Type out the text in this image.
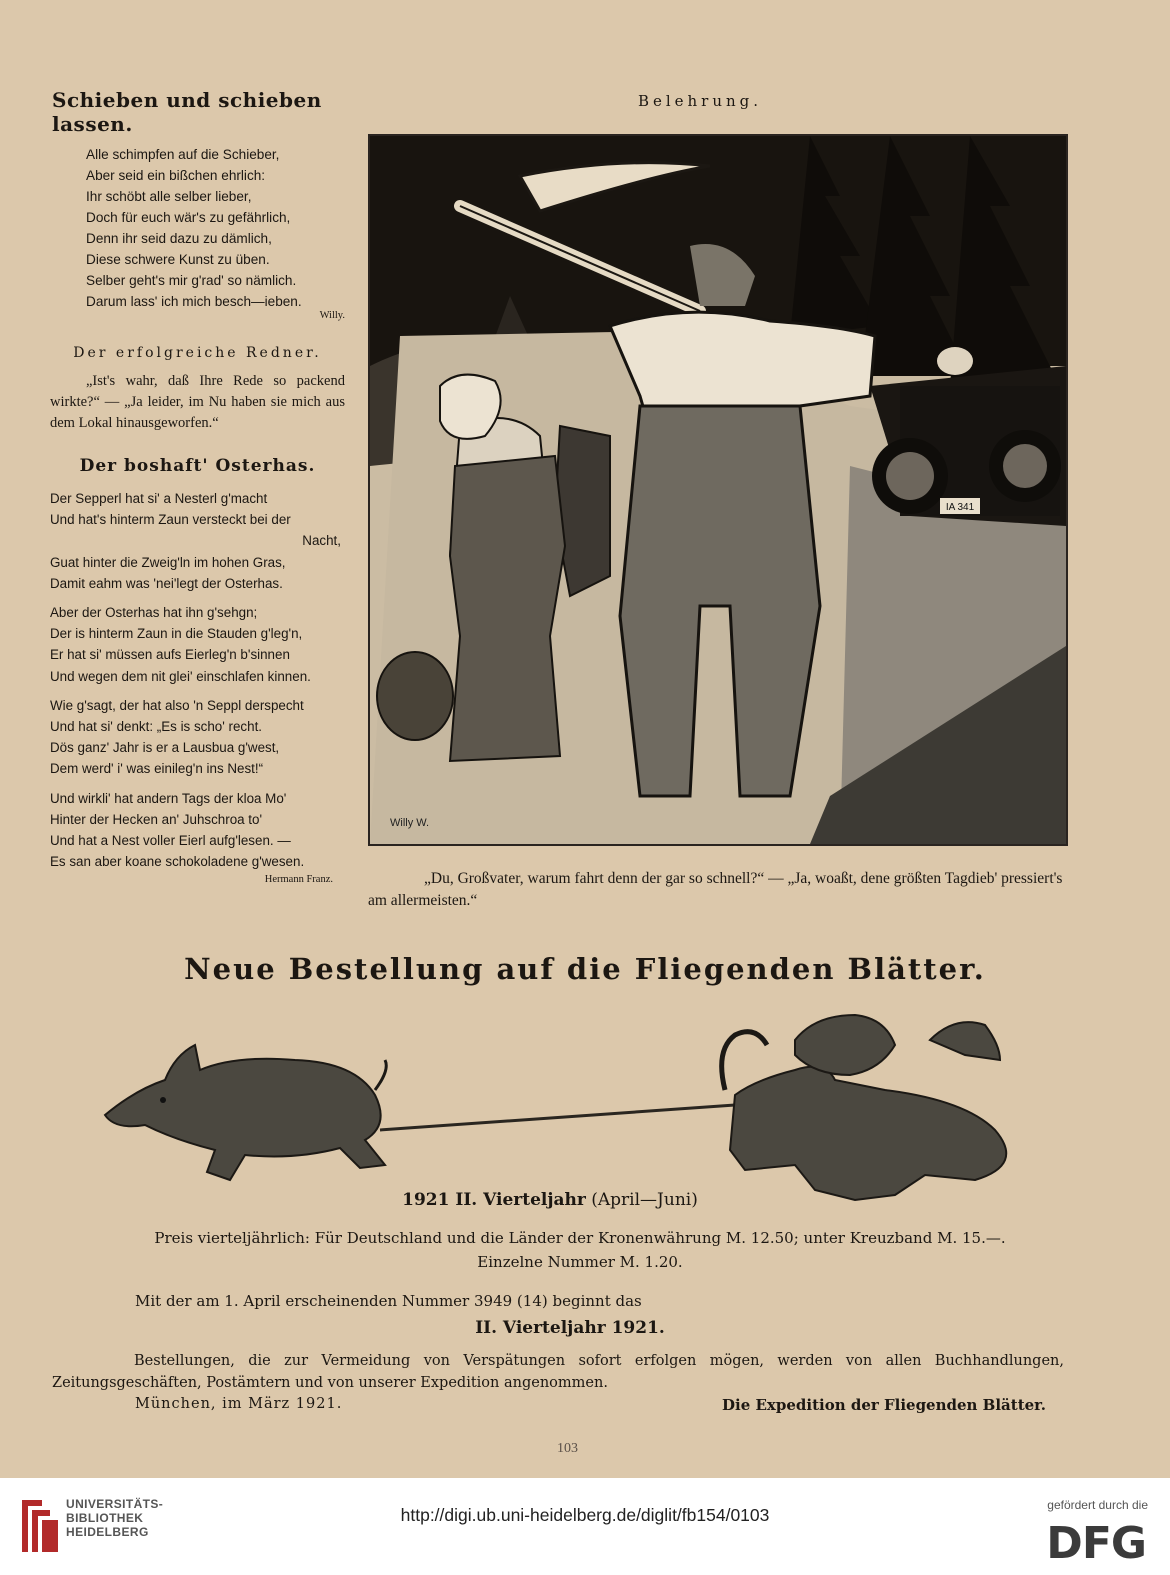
Schieben und schieben lassen.
Alle schimpfen auf die Schieber,
Aber seid ein bißchen ehrlich:
Ihr schöbt alle selber lieber,
Doch für euch wär's zu gefährlich,
Denn ihr seid dazu zu dämlich,
Diese schwere Kunst zu üben.
Selber geht's mir g'rad' so nämlich.
Darum lass' ich mich besch—ieben.
Willy.
Der erfolgreiche Redner.
„Ist's wahr, daß Ihre Rede so packend wirkte?“ — „Ja leider, im Nu haben sie mich aus dem Lokal hinausgeworfen.“
Der boshaft' Osterhas.
Der Sepperl hat si' a Nesterl g'macht
Und hat's hinterm Zaun versteckt bei der
Nacht,
Guat hinter die Zweig'ln im hohen Gras,
Damit eahm was 'nei'legt der Osterhas.
Aber der Osterhas hat ihn g'sehgn;
Der is hinterm Zaun in die Stauden g'leg'n,
Er hat si' müssen aufs Eierleg'n b'sinnen
Und wegen dem nit glei' einschlafen kinnen.
Wie g'sagt, der hat also 'n Seppl derspecht
Und hat si' denkt: „Es is scho' recht.
Dös ganz' Jahr is er a Lausbua g'west,
Dem werd' i' was einileg'n ins Nest!“
Und wirkli' hat andern Tags der kloa Mo'
Hinter der Hecken an' Juhschroa to'
Und hat a Nest voller Eierl aufg'lesen. —
Es san aber koane schokoladene g'wesen.
Hermann Franz.
Belehrung.
IA 341
Willy W.
„Du, Großvater, warum fahrt denn der gar so schnell?“ — „Ja, woaßt, dene größten Tagdieb' pressiert's am allermeisten.“
Neue Bestellung auf die Fliegenden Blätter.
1921 II. Vierteljahr (April—Juni)
Preis vierteljährlich: Für Deutschland und die Länder der Kronenwährung M. 12.50; unter Kreuzband M. 15.—.
Einzelne Nummer M. 1.20.
Mit der am 1. April erscheinenden Nummer 3949 (14) beginnt das
II. Vierteljahr 1921.
Bestellungen, die zur Vermeidung von Verspätungen sofort erfolgen mögen, werden von allen Buchhandlungen, Zeitungsgeschäften, Postämtern und von unserer Expedition angenommen.
München, im März 1921.	Die Expedition der Fliegenden Blätter.
103
UNIVERSITÄTS-
BIBLIOTHEK
HEIDELBERG
http://digi.ub.uni-heidelberg.de/diglit/fb154/0103	gefördert durch die
DFG
